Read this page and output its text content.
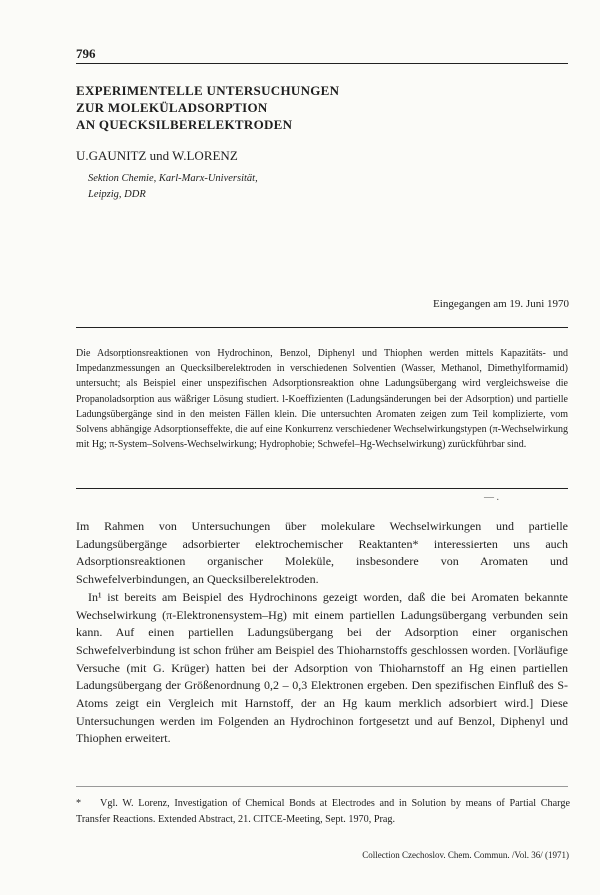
796
EXPERIMENTELLE UNTERSUCHUNGEN
ZUR MOLEKÜLADSORPTION
AN QUECKSILBERELEKTRODEN
U.GAUNITZ und W.LORENZ
Sektion Chemie, Karl-Marx-Universität,
Leipzig, DDR
Eingegangen am 19. Juni 1970

Die Adsorptionsreaktionen von Hydrochinon, Benzol, Diphenyl und Thiophen werden mittels Kapazitäts- und Impedanzmessungen an Quecksilberelektroden in verschiedenen Solventien (Wasser, Methanol, Dimethylformamid) untersucht; als Beispiel einer unspezifischen Adsorptionsreaktion ohne Ladungsübergang wird vergleichsweise die Propanoladsorption aus wäßriger Lösung studiert. l-Koeffizienten (Ladungsänderungen bei der Adsorption) und partielle Ladungsübergänge sind in den meisten Fällen klein. Die untersuchten Aromaten zeigen zum Teil komplizierte, vom Solvens abhängige Adsorptionseffekte, die auf eine Konkurrenz verschiedener Wechselwirkungstypen (π-Wechselwirkung mit Hg; π-System–Solvens-Wechselwirkung; Hydrophobie; Schwefel–Hg-Wechselwirkung) zurückführbar sind.

— .

Im Rahmen von Untersuchungen über molekulare Wechselwirkungen und partielle Ladungsübergänge adsorbierter elektrochemischer Reaktanten* interessierten uns auch Adsorptionsreaktionen organischer Moleküle, insbesondere von Aromaten und Schwefelverbindungen, an Quecksilberelektroden.

In¹ ist bereits am Beispiel des Hydrochinons gezeigt worden, daß die bei Aromaten bekannte Wechselwirkung (π-Elektronensystem–Hg) mit einem partiellen Ladungsübergang verbunden sein kann. Auf einen partiellen Ladungsübergang bei der Adsorption einer organischen Schwefelverbindung ist schon früher am Beispiel des Thioharnstoffs geschlossen worden. [Vorläufige Versuche (mit G. Krüger) hatten bei der Adsorption von Thioharnstoff an Hg einen partiellen Ladungsübergang der Größenordnung 0,2 – 0,3 Elektronen ergeben. Den spezifischen Einfluß des S-Atoms zeigt ein Vergleich mit Harnstoff, der an Hg kaum merklich adsorbiert wird.] Diese Untersuchungen werden im Folgenden an Hydrochinon fortgesetzt und auf Benzol, Diphenyl und Thiophen erweitert.

* Vgl. W. Lorenz, Investigation of Chemical Bonds at Electrodes and in Solution by means of Partial Charge Transfer Reactions. Extended Abstract, 21. CITCE-Meeting, Sept. 1970, Prag.
Collection Czechoslov. Chem. Commun. /Vol. 36/ (1971)
